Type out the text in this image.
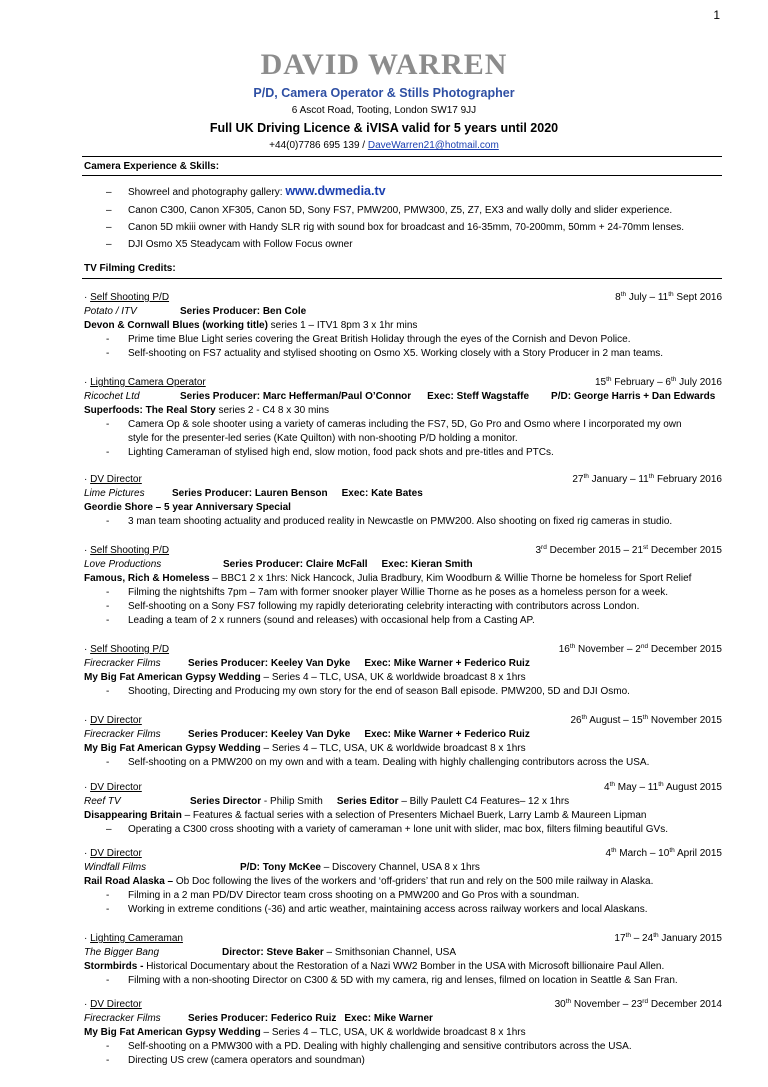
1
DAVID WARREN
P/D, Camera Operator & Stills Photographer
6 Ascot Road, Tooting, London SW17 9JJ
Full UK Driving Licence & iVISA valid for 5 years until 2020
+44(0)7786 695 139 / DaveWarren21@hotmail.com
Camera Experience & Skills:
– Showreel and photography gallery: www.dwmedia.tv
– Canon C300, Canon XF305, Canon 5D, Sony FS7, PMW200, PMW300, Z5, Z7, EX3 and wally dolly and slider experience.
– Canon 5D mkiii owner with Handy SLR rig with sound box for broadcast and 16-35mm, 70-200mm, 50mm + 24-70mm lenses.
– DJI Osmo X5 Steadycam with Follow Focus owner
TV Filming Credits:
· Self Shooting P/D	8th July – 11th Sept 2016
Potato / ITV	Series Producer: Ben Cole
Devon & Cornwall Blues (working title) series 1 – ITV1 8pm 3 x 1hr mins
- Prime time Blue Light series covering the Great British Holiday through the eyes of the Cornish and Devon Police.
- Self-shooting on FS7 actuality and stylised shooting on Osmo X5. Working closely with a Story Producer in 2 man teams.
· Lighting Camera Operator	15th February – 6th July 2016
Ricochet Ltd	Series Producer: Marc Hefferman/Paul O’Connor Exec: Steff Wagstaffe P/D: George Harris + Dan Edwards
Superfoods: The Real Story series 2 - C4 8 x 30 mins
- Camera Op & sole shooter using a variety of cameras including the FS7, 5D, Go Pro and Osmo where I incorporated my own
style for the presenter-led series (Kate Quilton) with non-shooting P/D holding a monitor.
- Lighting Cameraman of stylised high end, slow motion, food pack shots and pre-titles and PTCs.
· DV Director	27th January – 11th February 2016
Lime Pictures	Series Producer: Lauren Benson Exec: Kate Bates
Geordie Shore – 5 year Anniversary Special
- 3 man team shooting actuality and produced reality in Newcastle on PMW200. Also shooting on fixed rig cameras in studio.
· Self Shooting P/D	3rd December 2015 – 21st December 2015
Love Productions	Series Producer: Claire McFall Exec: Kieran Smith
Famous, Rich & Homeless – BBC1 2 x 1hrs: Nick Hancock, Julia Bradbury, Kim Woodburn & Willie Thorne be homeless for Sport Relief
- Filming the nightshifts 7pm – 7am with former snooker player Willie Thorne as he poses as a homeless person for a week.
- Self-shooting on a Sony FS7 following my rapidly deteriorating celebrity interacting with contributors across London.
- Leading a team of 2 x runners (sound and releases) with occasional help from a Casting AP.
· Self Shooting P/D	16th November – 2nd December 2015
Firecracker Films	Series Producer: Keeley Van Dyke Exec: Mike Warner + Federico Ruiz
My Big Fat American Gypsy Wedding – Series 4 – TLC, USA, UK & worldwide broadcast 8 x 1hrs
- Shooting, Directing and Producing my own story for the end of season Ball episode. PMW200, 5D and DJI Osmo.
· DV Director	26th August – 15th November 2015
Firecracker Films	Series Producer: Keeley Van Dyke Exec: Mike Warner + Federico Ruiz
My Big Fat American Gypsy Wedding – Series 4 – TLC, USA, UK & worldwide broadcast 8 x 1hrs
- Self-shooting on a PMW200 on my own and with a team. Dealing with highly challenging contributors across the USA.
· DV Director	4th May – 11th August 2015
Reef TV	Series Director - Philip Smith Series Editor – Billy Paulett C4 Features– 12 x 1hrs
Disappearing Britain – Features & factual series with a selection of Presenters Michael Buerk, Larry Lamb & Maureen Lipman
– Operating a C300 cross shooting with a variety of cameraman + lone unit with slider, mac box, filters filming beautiful GVs.
· DV Director	4th March – 10th April 2015
Windfall Films	P/D: Tony McKee – Discovery Channel, USA 8 x 1hrs
Rail Road Alaska – Ob Doc following the lives of the workers and ‘off-griders’ that run and rely on the 500 mile railway in Alaska.
- Filming in a 2 man PD/DV Director team cross shooting on a PMW200 and Go Pros with a soundman.
- Working in extreme conditions (-36) and artic weather, maintaining access across railway workers and local Alaskans.
· Lighting Cameraman	17th – 24th January 2015
The Bigger Bang	Director: Steve Baker – Smithsonian Channel, USA
Stormbirds - Historical Documentary about the Restoration of a Nazi WW2 Bomber in the USA with Microsoft billionaire Paul Allen.
- Filming with a non-shooting Director on C300 & 5D with my camera, rig and lenses, filmed on location in Seattle & San Fran.
· DV Director	30th November – 23rd December 2014
Firecracker Films	Series Producer: Federico Ruiz Exec: Mike Warner
My Big Fat American Gypsy Wedding – Series 4 – TLC, USA, UK & worldwide broadcast 8 x 1hrs
- Self-shooting on a PMW300 with a PD. Dealing with highly challenging and sensitive contributors across the USA.
- Directing US crew (camera operators and soundman)
